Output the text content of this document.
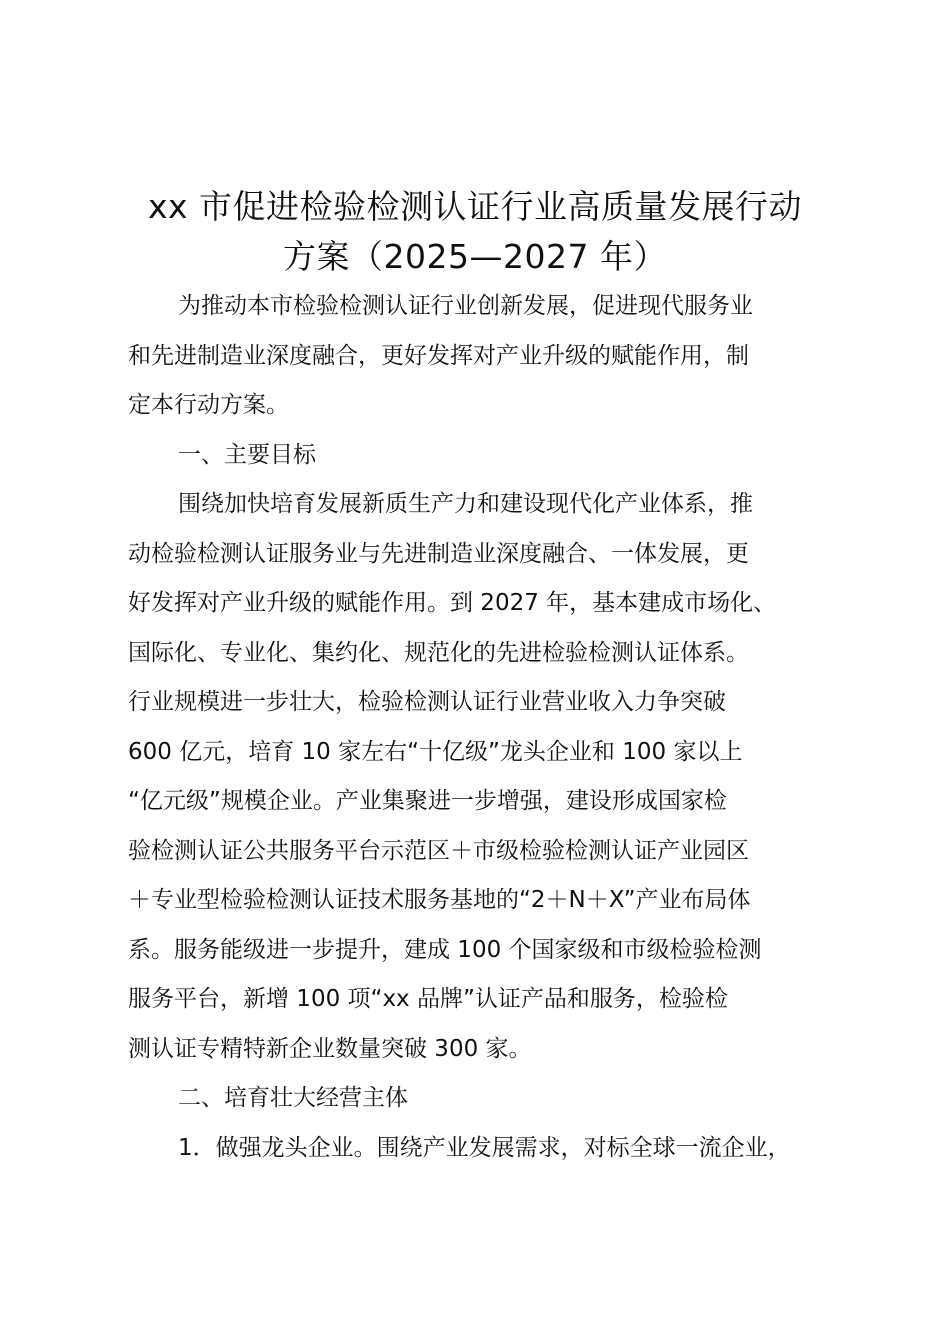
xx 市促进检验检测认证行业高质量发展行动
方案（2025—2027 年）

为推动本市检验检测认证行业创新发展，促进现代服务业
和先进制造业深度融合，更好发挥对产业升级的赋能作用，制
定本行动方案。

一、主要目标

围绕加快培育发展新质生产力和建设现代化产业体系，推
动检验检测认证服务业与先进制造业深度融合、一体发展，更
好发挥对产业升级的赋能作用。到 2027 年，基本建成市场化、
国际化、专业化、集约化、规范化的先进检验检测认证体系。
行业规模进一步壮大，检验检测认证行业营业收入力争突破
600 亿元，培育 10 家左右“十亿级”龙头企业和 100 家以上
“亿元级”规模企业。产业集聚进一步增强，建设形成国家检
验检测认证公共服务平台示范区＋市级检验检测认证产业园区
＋专业型检验检测认证技术服务基地的“2＋N＋X”产业布局体
系。服务能级进一步提升，建成 100 个国家级和市级检验检测
服务平台，新增 100 项“xx 品牌”认证产品和服务，检验检
测认证专精特新企业数量突破 300 家。

二、培育壮大经营主体

1．做强龙头企业。围绕产业发展需求，对标全球一流企业，
